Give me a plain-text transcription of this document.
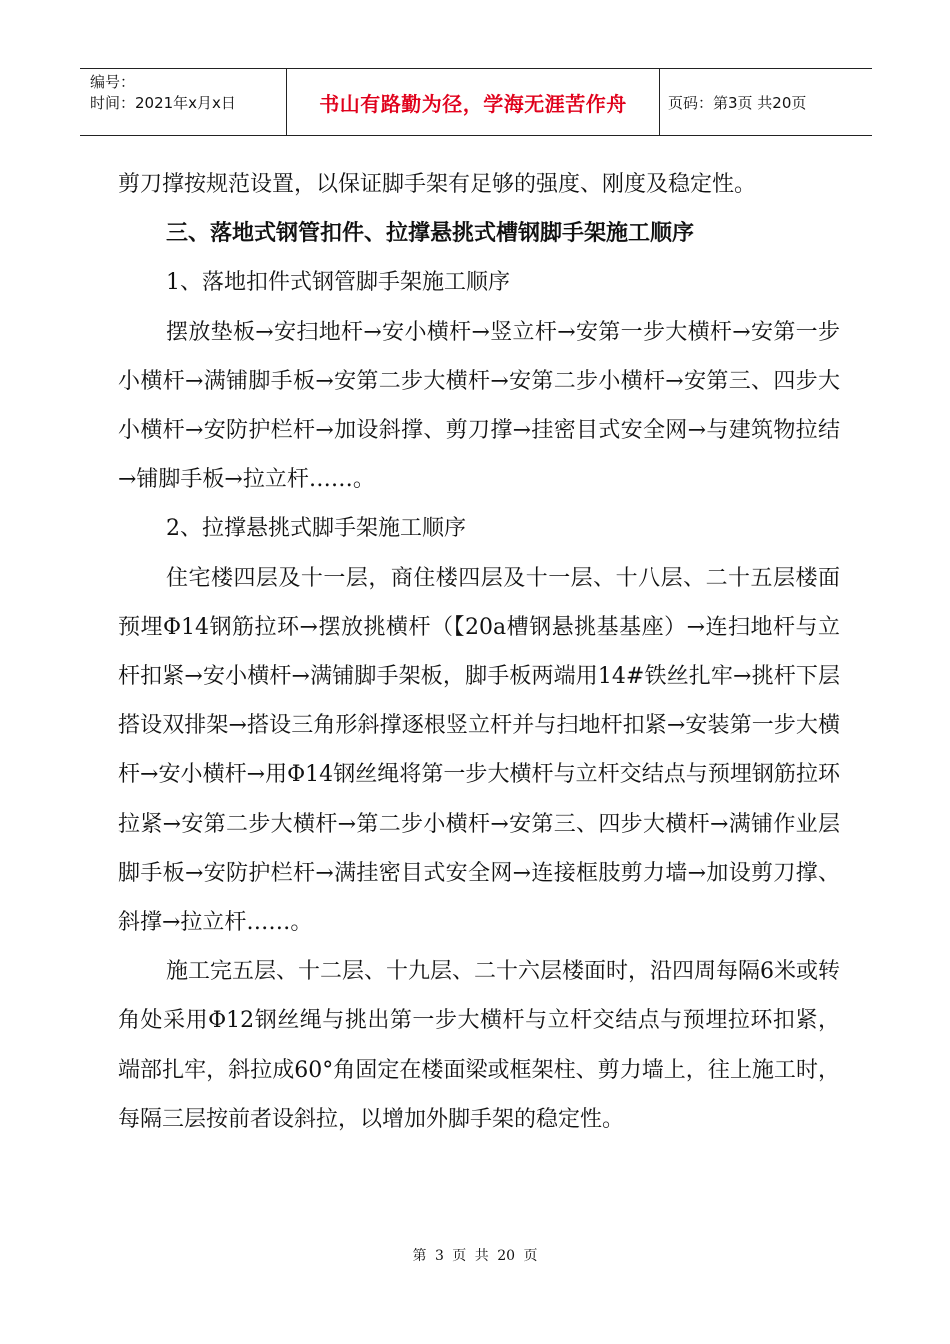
编号：
时间：2021年x月x日	书山有路勤为径，学海无涯苦作舟	页码：第3页 共20页

剪刀撑按规范设置，以保证脚手架有足够的强度、刚度及稳定性。

三、落地式钢管扣件、拉撑悬挑式槽钢脚手架施工顺序

1、落地扣件式钢管脚手架施工顺序

摆放垫板→安扫地杆→安小横杆→竖立杆→安第一步大横杆→安第一步小横杆→满铺脚手板→安第二步大横杆→安第二步小横杆→安第三、四步大小横杆→安防护栏杆→加设斜撑、剪刀撑→挂密目式安全网→与建筑物拉结→铺脚手板→拉立杆……。

2、拉撑悬挑式脚手架施工顺序

住宅楼四层及十一层，商住楼四层及十一层、十八层、二十五层楼面预埋Φ14钢筋拉环→摆放挑横杆（【20a槽钢悬挑基基座）→连扫地杆与立杆扣紧→安小横杆→满铺脚手架板，脚手板两端用14#铁丝扎牢→挑杆下层搭设双排架→搭设三角形斜撑逐根竖立杆并与扫地杆扣紧→安装第一步大横杆→安小横杆→用Φ14钢丝绳将第一步大横杆与立杆交结点与预埋钢筋拉环拉紧→安第二步大横杆→第二步小横杆→安第三、四步大横杆→满铺作业层脚手板→安防护栏杆→满挂密目式安全网→连接框肢剪力墙→加设剪刀撑、斜撑→拉立杆……。

施工完五层、十二层、十九层、二十六层楼面时，沿四周每隔6米或转角处采用Φ12钢丝绳与挑出第一步大横杆与立杆交结点与预埋拉环扣紧，端部扎牢，斜拉成60°角固定在楼面梁或框架柱、剪力墙上，往上施工时，每隔三层按前者设斜拉，以增加外脚手架的稳定性。

第 3 页 共 20 页
